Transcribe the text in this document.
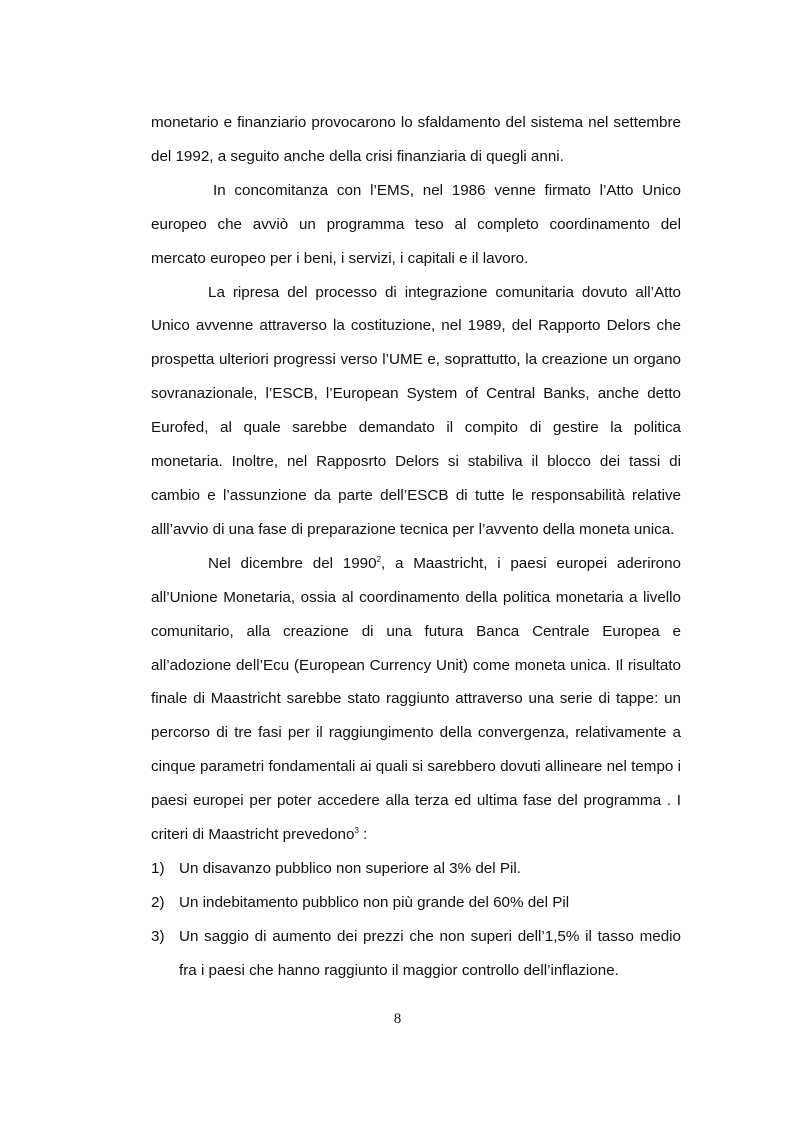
monetario e finanziario provocarono lo sfaldamento del sistema nel settembre del 1992, a seguito anche della crisi finanziaria di quegli anni.

In concomitanza con l’EMS, nel 1986 venne firmato l’Atto Unico europeo che avviò un programma teso al completo coordinamento del mercato europeo per i beni, i servizi, i capitali e il lavoro.

La ripresa del processo di integrazione comunitaria dovuto all’Atto Unico avvenne attraverso la costituzione, nel 1989, del Rapporto Delors che prospetta ulteriori progressi verso l’UME e, soprattutto, la creazione un organo sovranazionale, l’ESCB, l’European System of Central Banks, anche detto Eurofed, al quale sarebbe demandato il compito di gestire la politica monetaria. Inoltre, nel Rapposrto Delors si stabiliva il blocco dei tassi di cambio e l’assunzione da parte dell’ESCB di tutte le responsabilità relative alll’avvio di una fase di preparazione tecnica per l’avvento della moneta unica.

Nel dicembre del 1990$^2$, a Maastricht, i paesi europei aderirono all’Unione Monetaria, ossia al coordinamento della politica monetaria a livello comunitario, alla creazione di una futura Banca Centrale Europea e all’adozione dell’Ecu (European Currency Unit) come moneta unica. Il risultato finale di Maastricht sarebbe stato raggiunto attraverso una serie di tappe: un percorso di tre fasi per il raggiungimento della convergenza, relativamente a cinque parametri fondamentali ai quali si sarebbero dovuti allineare nel tempo i paesi europei per poter accedere alla terza ed ultima fase del programma . I criteri di Maastricht prevedono$^3$ :

1) Un disavanzo pubblico non superiore al 3% del Pil.
2) Un indebitamento pubblico non più grande del 60% del Pil
3) Un saggio di aumento dei prezzi che non superi dell’1,5% il tasso medio fra i paesi che hanno raggiunto il maggior controllo dell’inflazione.
8
